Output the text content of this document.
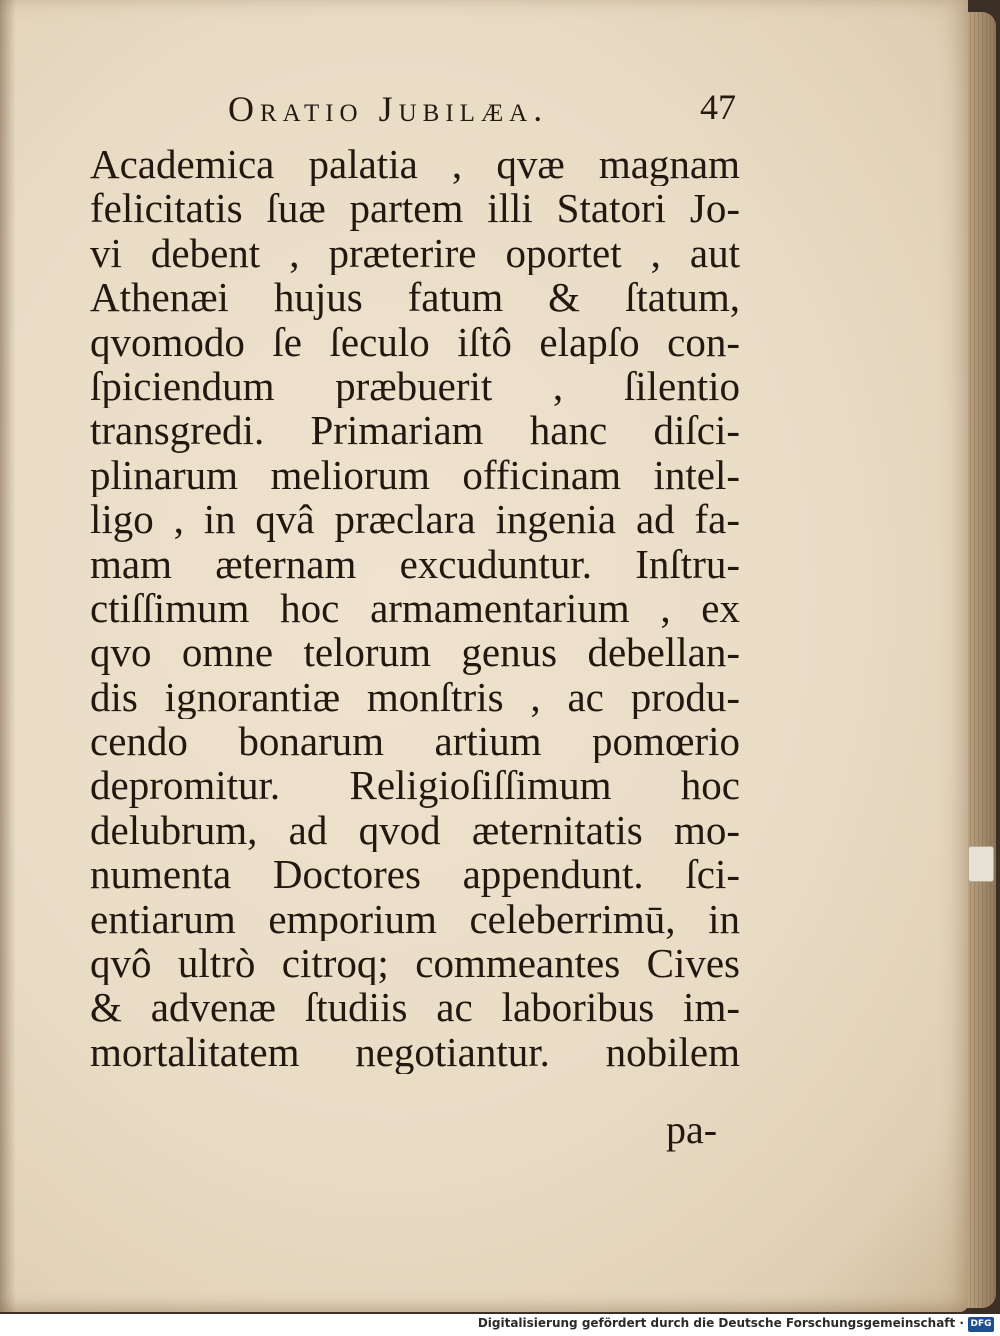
Oratio Jubilæa.	47
Academica palatia , qvæ magnam
felicitatis ſuæ partem illi Statori Jo-
vi debent , præterire oportet , aut
Athenæi hujus fatum & ſtatum,
qvomodo ſe ſeculo iſtô elapſo con-
ſpiciendum præbuerit , ſilentio
transgredi. Primariam hanc diſci-
plinarum meliorum officinam intel-
ligo , in qvâ præclara ingenia ad fa-
mam æternam excuduntur. Inſtru-
ctiſſimum hoc armamentarium , ex
qvo omne telorum genus debellan-
dis ignorantiæ monſtris , ac produ-
cendo bonarum artium pomœrio
depromitur. Religioſiſſimum hoc
delubrum, ad qvod æternitatis mo-
numenta Doctores appendunt. ſci-
entiarum emporium celeberrimū, in
qvô ultrò citroq; commeantes Cives
& advenæ ſtudiis ac laboribus im-
mortalitatem negotiantur. nobilem
pa-
Digitalisierung gefördert durch die Deutsche Forschungsgemeinschaft · DFG
